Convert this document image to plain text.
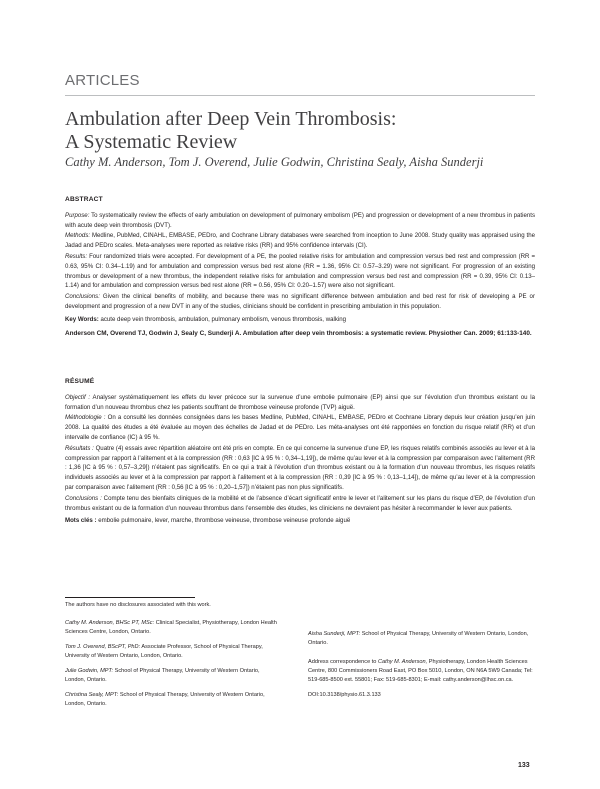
ARTICLES
Ambulation after Deep Vein Thrombosis:
A Systematic Review
Cathy M. Anderson, Tom J. Overend, Julie Godwin, Christina Sealy, Aisha Sunderji
ABSTRACT

Purpose: To systematically review the effects of early ambulation on development of pulmonary embolism (PE) and progression or development of a new thrombus in patients with acute deep vein thrombosis (DVT).

Methods: Medline, PubMed, CINAHL, EMBASE, PEDro, and Cochrane Library databases were searched from inception to June 2008. Study quality was appraised using the Jadad and PEDro scales. Meta-analyses were reported as relative risks (RR) and 95% confidence intervals (CI).

Results: Four randomized trials were accepted. For development of a PE, the pooled relative risks for ambulation and compression versus bed rest and compression (RR = 0.63, 95% CI: 0.34–1.19) and for ambulation and compression versus bed rest alone (RR = 1.36, 95% CI: 0.57–3.29) were not significant. For progression of an existing thrombus or development of a new thrombus, the independent relative risks for ambulation and compression versus bed rest and compression (RR = 0.39, 95% CI: 0.13–1.14) and for ambulation and compression versus bed rest alone (RR = 0.56, 95% CI: 0.20–1.57) were also not significant.

Conclusions: Given the clinical benefits of mobility, and because there was no significant difference between ambulation and bed rest for risk of developing a PE or development and progression of a new DVT in any of the studies, clinicians should be confident in prescribing ambulation in this population.

Key Words: acute deep vein thrombosis, ambulation, pulmonary embolism, venous thrombosis, walking

Anderson CM, Overend TJ, Godwin J, Sealy C, Sunderji A. Ambulation after deep vein thrombosis: a systematic review. Physiother Can. 2009; 61:133-140.

RÉSUMÉ

Objectif : Analyser systématiquement les effets du lever précoce sur la survenue d’une embolie pulmonaire (EP) ainsi que sur l’évolution d’un thrombus existant ou la formation d’un nouveau thrombus chez les patients souffrant de thrombose veineuse profonde (TVP) aiguë.

Méthodologie : On a consulté les données consignées dans les bases Medline, PubMed, CINAHL, EMBASE, PEDro et Cochrane Library depuis leur création jusqu’en juin 2008. La qualité des études a été évaluée au moyen des échelles de Jadad et de PEDro. Les méta-analyses ont été rapportées en fonction du risque relatif (RR) et d’un intervalle de confiance (IC) à 95 %.

Résultats : Quatre (4) essais avec répartition aléatoire ont été pris en compte. En ce qui concerne la survenue d’une EP, les risques relatifs combinés associés au lever et à la compression par rapport à l’alitement et à la compression (RR : 0,63 [IC à 95 % : 0,34–1,19]), de même qu’au lever et à la compression par comparaison avec l’alitement (RR : 1,36 [IC à 95 % : 0,57–3,29]) n’étaient pas significatifs. En ce qui a trait à l’évolution d’un thrombus existant ou à la formation d’un nouveau thrombus, les risques relatifs individuels associés au lever et à la compression par rapport à l’alitement et à la compression (RR : 0,39 [IC à 95 % : 0,13–1,14]), de même qu’au lever et à la compression par comparaison avec l’alitement (RR : 0,56 [IC à 95 % : 0,20–1,57]) n’étaient pas non plus significatifs.

Conclusions : Compte tenu des bienfaits cliniques de la mobilité et de l’absence d’écart significatif entre le lever et l’alitement sur les plans du risque d’EP, de l’évolution d’un thrombus existant ou de la formation d’un nouveau thrombus dans l’ensemble des études, les cliniciens ne devraient pas hésiter à recommander le lever aux patients.

Mots clés : embolie pulmonaire, lever, marche, thrombose veineuse, thrombose veineuse profonde aiguë

The authors have no disclosures associated with this work.

Cathy M. Anderson, BHSc PT, MSc: Clinical Specialist, Physiotherapy, London Health Sciences Centre, London, Ontario.

Tom J. Overend, BScPT, PhD: Associate Professor, School of Physical Therapy, University of Western Ontario, London, Ontario.

Julie Godwin, MPT: School of Physical Therapy, University of Western Ontario, London, Ontario.

Christina Sealy, MPT: School of Physical Therapy, University of Western Ontario, London, Ontario.

Aisha Sunderji, MPT: School of Physical Therapy, University of Western Ontario, London, Ontario.

Address correspondence to Cathy M. Anderson, Physiotherapy, London Health Sciences Centre, 800 Commissioners Road East, PO Box 5010, London, ON N6A 5W9 Canada; Tel: 519-685-8500 ext. 55801; Fax: 519-685-8301; E-mail: cathy.anderson@lhsc.on.ca.

DOI:10.3138/physio.61.3.133

133
